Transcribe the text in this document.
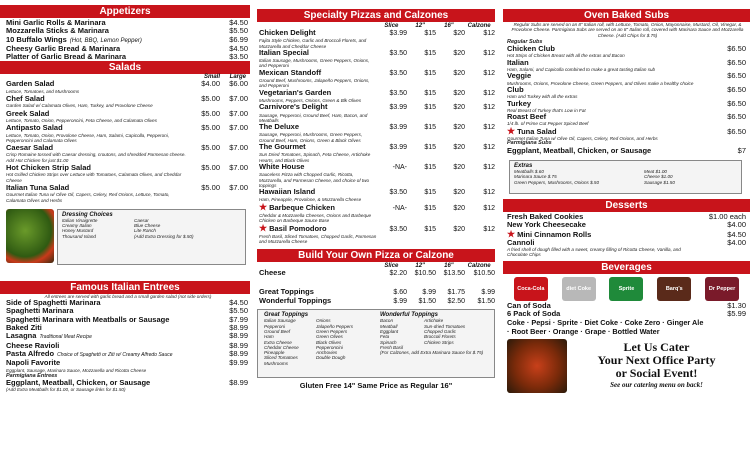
Appetizers
Mini Garlic Rolls & Marinara	$4.50
Mozzarella Sticks & Marinara	$5.50
10 Buffalo Wings (Hot, BBQ, Lemon Pepper)	$6.99
Cheesy Garlic Bread & Marinara	$4.50
Platter of Garlic Bread & Marinara	$3.50
Salads
Small	Large
Garden Salad	$4.00 $6.00
Lettuce, Tomatoes, and Mushrooms
Chef Salad	$5.00 $7.00
Garden Salad w/ Calamata Olives, Ham, Turkey, and Provolone Cheese
Greek Salad	$5.00 $7.00
Lettuce, Tomato, Onion, Pepperoncini, Feta Cheese, and Calamata Olives
Antipasto Salad	$5.00 $7.00
Lettuce, Tomato, Onion, Provolone Cheese, Ham, Salami, Capicolla, Pepperoni, Pepperoncini and Calamata Olives
Caesar Salad	$5.00 $7.00
Crisp Romaine tossed with Caesar dressing, croutons, and shredded Parmesan cheese. Add Hot Chicken for just $1.00
Hot Chicken Strip Salad	$5.00 $7.00
Hot Grilled Chicken Strips over Lettuce with Tomatoes, Calamata Olives, and Cheddar Cheese
Italian Tuna Salad	$5.00 $7.00
Gourmet Italian Tuna w/ Olive Oil, Capers, Celery, Red Onions, Lettuce, Tomato, Calamata Olives and Herbs
Dressing Choices
Italian Vinaigrette
Creamy Italian
Honey Mustard
Thousand Island
Caesar
Blue Cheese
Lite Ranch
(Add Extra Dressing for $.50)
Famous Italian Entrees
All entrees are served with garlic bread and a small garden salad (not side orders)
Side of Spaghetti Marinara	$4.50
Spaghetti Marinara	$5.50
Spaghetti Marinara with Meatballs or Sausage	$7.99
Baked Ziti	$8.99
Lasagna Traditional Meat Recipe	$8.99
Cheese Ravioli	$8.99
Pasta Alfredo Choice of Spaghetti or Ziti w/ Creamy Alfredo Sauce	$8.99
Napoli Favorite	$9.99
Eggplant, Sausage, Marinara Sauce, Mozzarella and Ricotta Cheese
Parmigiana Entrees
Eggplant, Meatball, Chicken, or Sausage	$8.99
(Add Extra Meatballs for $1.00, or Sausage links for $1.50)
Specialty Pizzas and Calzones
Slice	12"	16"	Calzone
Chicken Delight	$3.99	$15	$20	$12
Fajita Style Chicken, Garlic and Broccoli Florets, and Mozzarella and Cheddar Cheese
Italian Special	$3.50	$15	$20	$12
Italian Sausage, Mushrooms, Green Peppers, Onions, and Pepperoni
Mexican Standoff	$3.50	$15	$20	$12
Ground Beef, Mushrooms, Jalapeño Peppers, Onions, and Pepperoni
Vegetarian's Garden	$3.50	$15	$20	$12
Mushrooms, Peppers, Onions, Green & Blk Olives
Carnivore's Delight	$3.99	$15	$20	$12
Sausage, Pepperoni, Ground Beef, Ham, Bacon, and Meatballs
The Deluxe	$3.99	$15	$20	$12
Sausage, Pepperoni, Mushrooms, Green Peppers, Ground Beef, Ham, Onions, Green & Black Olives
The Gourmet	$3.99	$15	$20	$12
Sun Dried Tomatoes, Spinach, Feta Cheese, Artichoke Hearts, and Black Olives
White House	-NA-	$15	$20	$12
Sauceless Pizza with Chopped Garlic, Ricotta, Mozzarella, and Parmesan Cheese, and choice of two toppings
Hawaiian Island	$3.50	$15	$20	$12
Ham, Pineapple, Provolone, & Mozzarella Cheese
★ Barbeque Chicken	-NA-	$15	$20	$12
Cheddar & Mozzarella Cheeses, Onions and Barbeque Chicken on Barbeque Sauce Base
★ Basil Pomodoro	$3.50	$15	$20	$12
Fresh Basil, Sliced Tomatoes, Chopped Garlic, Parmesan and Mozzarella Cheese
Build Your Own Pizza or Calzone
Slice	12"	16"	Calzone
Cheese	$2.20	$10.50	$13.50	$10.50
Great Toppings	$.60	$.99	$1.75	$.99
Wonderful Toppings	$.99	$1.50	$2.50	$1.50
Great Toppings
Italian Sausage
Pepperoni
Ground Beef
Ham
Extra Cheese
Cheddar Cheese
Pineapple
Sliced Tomatoes
Mushrooms
Onions
Jalapeño Peppers
Green Peppers
Green Olives
Black Olives
Pepperoncini
Anchovies
Double Dough
Wonderful Toppings
Bacon
Meatball
Eggplant
Feta
Spinach
Fresh Basil
Artichoke
Sun-dried Tomatoes
Chopped Garlic
Broccoli Florets
Chicken Strips
(For Calzones, add Extra Marinara Sauce for $.75)
Gluten Free 14" Same Price as Regular 16"
Oven Baked Subs
Regular Subs are served on an 8" Italian roll, with Lettuce, Tomato, Onion, Mayonnaise, Mustard, Oil, Vinegar, & Provolone Cheese. Parmigiana Subs are served on an 8" Italian roll, covered with Marinara Sauce and Mozzarella Cheese. (Add Chips for $.75)
Regular Subs
Chicken Club	$6.50
Hot Strips of Chicken Breast with all the extras and Bacon
Italian	$6.50
Ham, Salami, and Capicolla combined to make a great tasting Italian sub
Veggie	$6.50
Mushrooms, Onions, Provolone Cheese, Green Peppers, and Olives make a healthy choice
Club	$6.50
Ham and Turkey with all the extras
Turkey	$6.50
Real Breast of Turkey that's Low in Fat
Roast Beef	$6.50
1/4 lb. of Prime Cut Pepper Spiced Beef
★ Tuna Salad	$6.50
Gourmet Italian Tuna w/ Olive Oil, Capers, Celery, Red Onions, and Herbs
Parmigiana Subs
Eggplant, Meatball, Chicken, or Sausage	$7
Extras
Meatballs $.60	Meat $1.00
Marinara Sauce $.75	Cheese $1.00
Green Peppers, Mushrooms, Onions $.50	Sausage $1.50
Desserts
Fresh Baked Cookies	$1.00 each
New York Cheesecake	$4.00
★ Mini Cinnamon Rolls	$4.50
Cannoli	$4.00
A fried shell of dough filled with a sweet, creamy filling of Ricotta Cheese, Vanilla, and Chocolate Chips
Beverages
Coca-Cola	diet Coke	Sprite	Barq's	Dr Pepper
Can of Soda	$1.30
6 Pack of Soda	$5.99
Coke · Pepsi · Sprite · Diet Coke · Coke Zero · Ginger Ale
· Root Beer · Orange · Grape · Bottled Water
Let Us Cater
Your Next Office Party
or Social Event!
See our catering menu on back!
